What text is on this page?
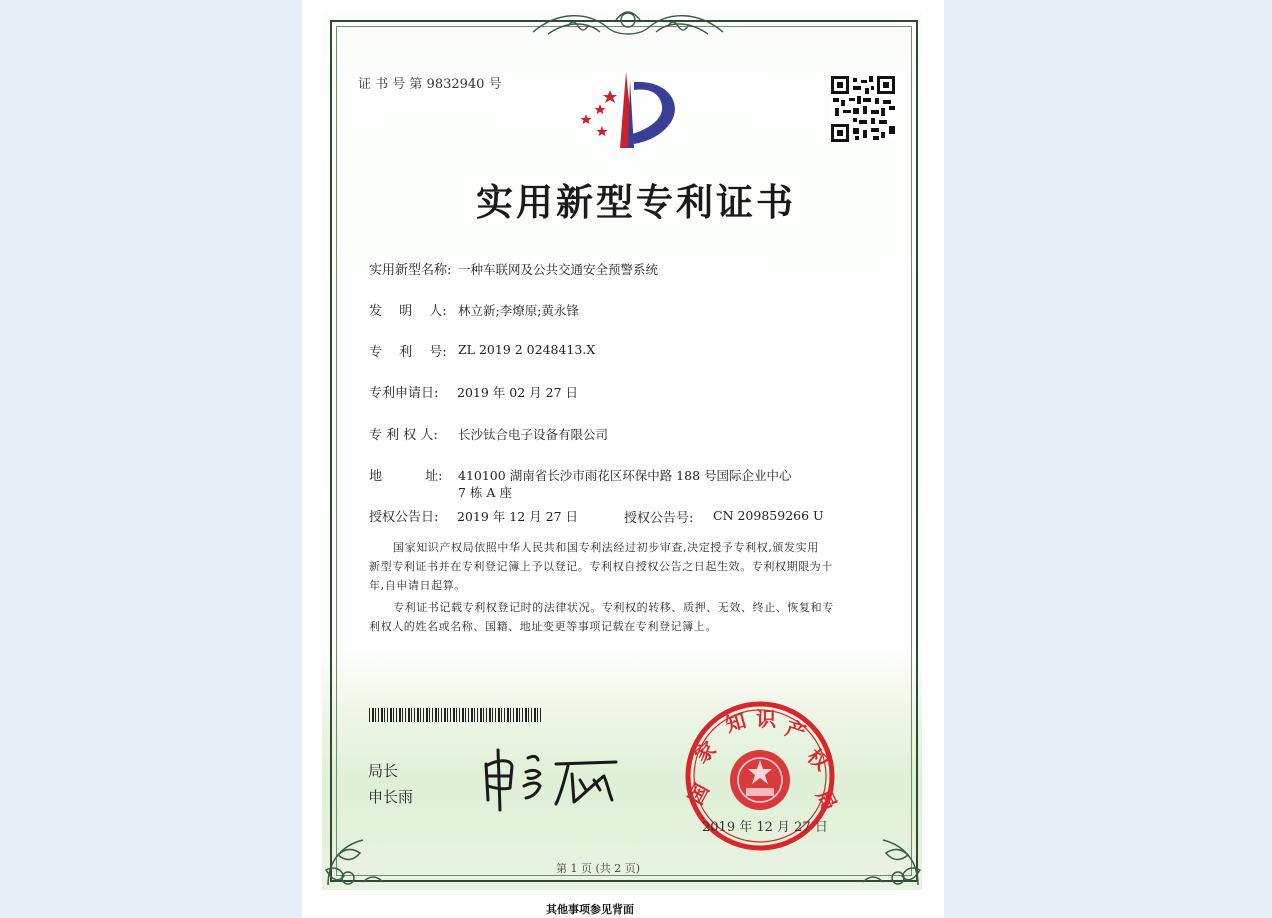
证 书 号 第 9832940 号
实用新型专利证书
实用新型名称: 一种车联网及公共交通安全预警系统
发　 明　 人: 林立新;李燎原;黄永锋
专　 利　 号: ZL 2019 2 0248413.X
专利申请日: 2019 年 02 月 27 日
专 利 权 人: 长沙钛合电子设备有限公司
地　　　 址: 410100 湖南省长沙市雨花区环保中路 188 号国际企业中心
7 栋 A 座
授权公告日: 2019 年 12 月 27 日	授权公告号: CN 209859266 U
国家知识产权局依照中华人民共和国专利法经过初步审查,决定授予专利权,颁发实用
新型专利证书并在专利登记簿上予以登记。专利权自授权公告之日起生效。专利权期限为十
年,自申请日起算。
专利证书记载专利权登记时的法律状况。专利权的转移、质押、无效、终止、恢复和专
利权人的姓名或名称、国籍、地址变更等事项记载在专利登记簿上。
局长
申长雨	国
家
知 识 产
权
局
2019 年 12 月 27 日
第 1 页 (共 2 页)
其他事项参见背面
